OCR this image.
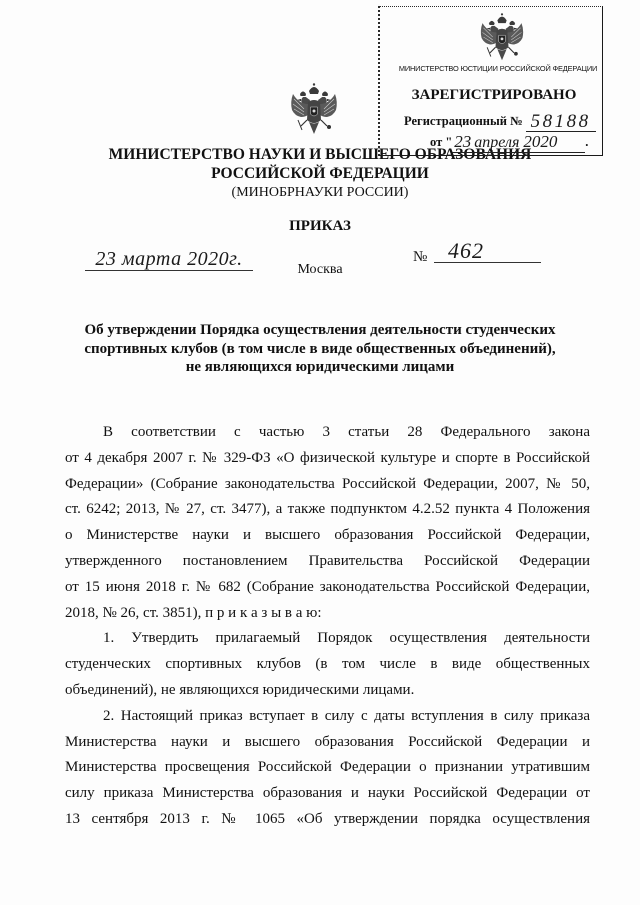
МИНИСТЕРСТВО ЮСТИЦИИ РОССИЙСКОЙ ФЕДЕРАЦИИ
ЗАРЕГИСТРИРОВАНО
Регистрационный № 58188
от " 23 апреля 2020 .
МИНИСТЕРСТВО НАУКИ И ВЫСШЕГО ОБРАЗОВАНИЯ
РОССИЙСКОЙ ФЕДЕРАЦИИ
(МИНОБРНАУКИ РОССИИ)
ПРИКАЗ
23 марта 2020г.	№ 462
Москва
Об утверждении Порядка осуществления деятельности студенческих
спортивных клубов (в том числе в виде общественных объединений),
не являющихся юридическими лицами
В соответствии с частью 3 статьи 28 Федерального закона
от 4 декабря 2007 г. № 329-ФЗ «О физической культуре и спорте в Российской
Федерации» (Собрание законодательства Российской Федерации, 2007, № 50,
ст. 6242; 2013, № 27, ст. 3477), а также подпунктом 4.2.52 пункта 4 Положения
о Министерстве науки и высшего образования Российской Федерации,
утвержденного постановлением Правительства Российской Федерации
от 15 июня 2018 г. № 682 (Собрание законодательства Российской Федерации,
2018, № 26, ст. 3851), п р и к а з ы в а ю:
1. Утвердить прилагаемый Порядок осуществления деятельности
студенческих спортивных клубов (в том числе в виде общественных
объединений), не являющихся юридическими лицами.
2. Настоящий приказ вступает в силу с даты вступления в силу приказа
Министерства науки и высшего образования Российской Федерации и
Министерства просвещения Российской Федерации о признании утратившим
силу приказа Министерства образования и науки Российской Федерации от
13 сентября 2013 г. № 1065 «Об утверждении порядка осуществления
